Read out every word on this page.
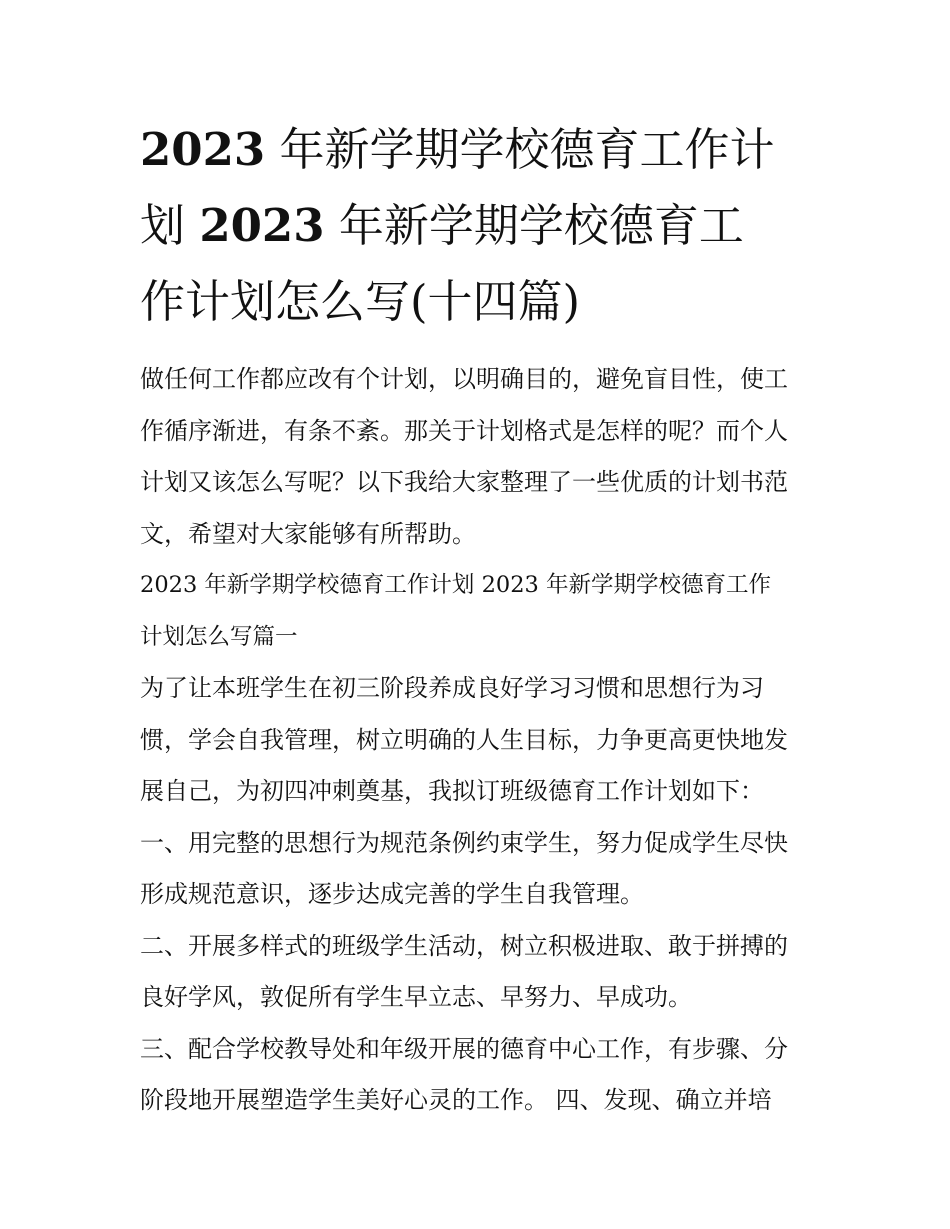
2023 年新学期学校德育工作计
划 2023 年新学期学校德育工
作计划怎么写(十四篇)
做任何工作都应改有个计划，以明确目的，避免盲目性，使工
作循序渐进，有条不紊。那关于计划格式是怎样的呢？而个人
计划又该怎么写呢？以下我给大家整理了一些优质的计划书范
文，希望对大家能够有所帮助。
2023 年新学期学校德育工作计划 2023 年新学期学校德育工作
计划怎么写篇一
为了让本班学生在初三阶段养成良好学习习惯和思想行为习
惯，学会自我管理，树立明确的人生目标，力争更高更快地发
展自己，为初四冲刺奠基，我拟订班级德育工作计划如下：
一、用完整的思想行为规范条例约束学生，努力促成学生尽快
形成规范意识，逐步达成完善的学生自我管理。
二、开展多样式的班级学生活动，树立积极进取、敢于拼搏的
良好学风，敦促所有学生早立志、早努力、早成功。
三、配合学校教导处和年级开展的德育中心工作，有步骤、分
阶段地开展塑造学生美好心灵的工作。 四、发现、确立并培
